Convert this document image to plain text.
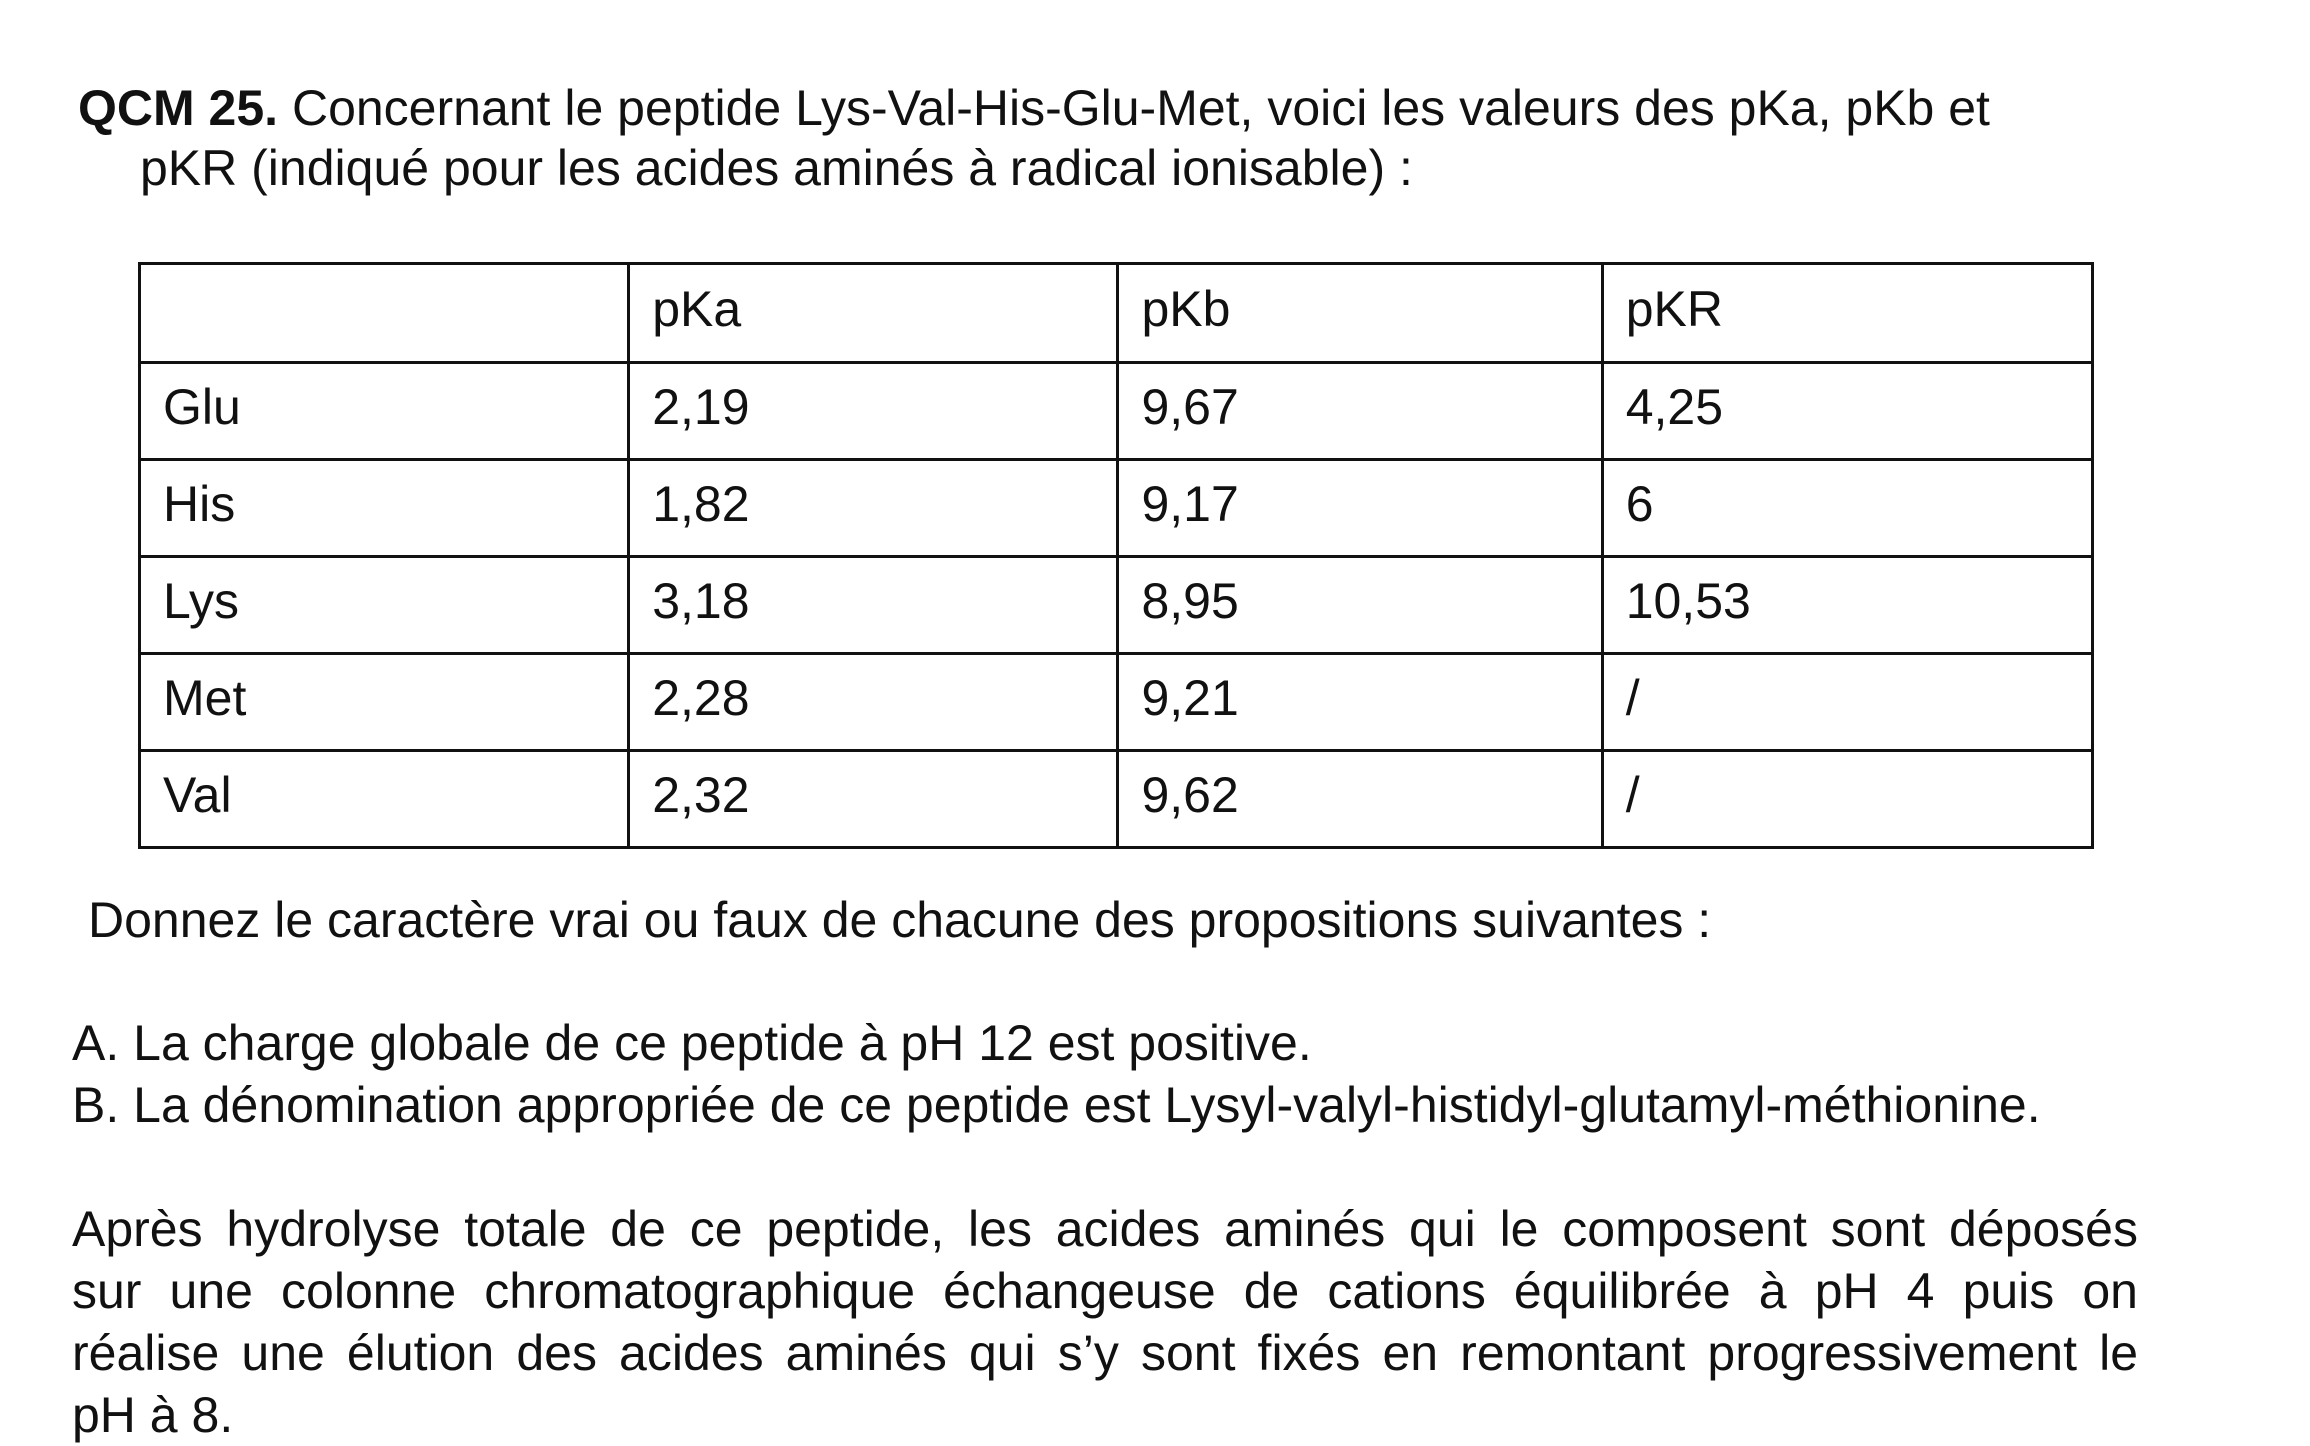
QCM 25. Concernant le peptide Lys-Val-His-Glu-Met, voici les valeurs des pKa, pKb et
pKR (indiqué pour les acides aminés à radical ionisable) :
	pKa	pKb	pKR
Glu	2,19	9,67	4,25
His	1,82	9,17	6
Lys	3,18	8,95	10,53
Met	2,28	9,21	/
Val	2,32	9,62	/
Donnez le caractère vrai ou faux de chacune des propositions suivantes :
A. La charge globale de ce peptide à pH 12 est positive.
B. La dénomination appropriée de ce peptide est Lysyl-valyl-histidyl-glutamyl-méthionine.
Après hydrolyse totale de ce peptide, les acides aminés qui le composent sont déposés
sur une colonne chromatographique échangeuse de cations équilibrée à pH 4 puis on
réalise une élution des acides aminés qui s’y sont fixés en remontant progressivement le
pH à 8.
